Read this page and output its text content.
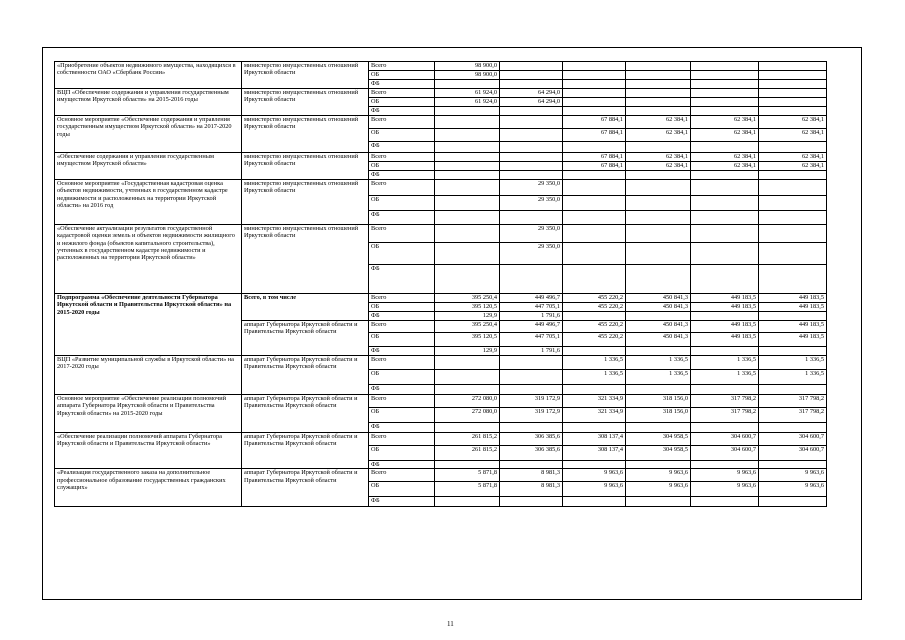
«Приобретение объектов недвижимого имущества, находящихся в собственности ОАО «Сбербанк России»	министерство имущественных отношений Иркутской области	Всего	98 900,0						
		ОБ	98 900,0						
		ФБ							
ВЦП «Обеспечение содержания и управления государственным имуществом Иркутской области» на 2015-2016 годы	министерство имущественных отношений Иркутской области	Всего	61 924,0	64 294,0					
		ОБ	61 924,0	64 294,0					
		ФБ							
Основное мероприятие «Обеспечение содержания и управления государственным имуществом Иркутской области» на 2017-2020 годы	министерство имущественных отношений Иркутской области	Всего			67 884,1	62 384,1	62 384,1	62 384,1	
		ОБ			67 884,1	62 384,1	62 384,1	62 384,1	
		ФБ							
«Обеспечение содержания и управления государственным имуществом Иркутской области»	министерство имущественных отношений Иркутской области	Всего			67 884,1	62 384,1	62 384,1	62 384,1	
		ОБ			67 884,1	62 384,1	62 384,1	62 384,1	
		ФБ							
Основное мероприятие «Государственная кадастровая оценка объектов недвижимости, учтенных в государственном кадастре недвижимости и расположенных на территории Иркутской области» на 2016 год	министерство имущественных отношений Иркутской области	Всего		29 350,0					
		ОБ		29 350,0					
		ФБ							
«Обеспечение актуализации результатов государственной кадастровой оценки земель и объектов недвижимости жилищного и нежилого фонда (объектов капитального строительства), учтенных в государственном кадастре недвижимости и расположенных на территории Иркутской области»	министерство имущественных отношений Иркутской области	Всего		29 350,0					
		ОБ		29 350,0					
		ФБ							
Подпрограмма «Обеспечение деятельности Губернатора Иркутской области и Правительства Иркутской области» на 2015-2020 годы	Всего, в том числе	Всего	395 250,4	449 496,7	455 220,2	450 841,3	449 183,5	449 183,5	
		ОБ	395 120,5	447 705,1	455 220,2	450 841,3	449 183,5	449 183,5	
		ФБ	129,9	1 791,6					
	аппарат Губернатора Иркутской области и Правительства Иркутской области	Всего	395 250,4	449 496,7	455 220,2	450 841,3	449 183,5	449 183,5	
		ОБ	395 120,5	447 705,1	455 220,2	450 841,3	449 183,5	449 183,5	
		ФБ	129,9	1 791,6					
ВЦП «Развитие муниципальной службы в Иркутской области» на 2017-2020 годы	аппарат Губернатора Иркутской области и Правительства Иркутской области	Всего			1 336,5	1 336,5	1 336,5	1 336,5	
		ОБ			1 336,5	1 336,5	1 336,5	1 336,5	
		ФБ							
Основное мероприятие «Обеспечение реализации полномочий аппарата Губернатора Иркутской области и Правительства Иркутской области» на 2015-2020 годы	аппарат Губернатора Иркутской области и Правительства Иркутской области	Всего	272 080,0	319 172,9	321 334,9	318 156,0	317 798,2	317 798,2	
		ОБ	272 080,0	319 172,9	321 334,9	318 156,0	317 798,2	317 798,2	
		ФБ							
«Обеспечение реализации полномочий аппарата Губернатора Иркутской области и Правительства Иркутской области»	аппарат Губернатора Иркутской области и Правительства Иркутской области	Всего	261 815,2	306 385,6	308 137,4	304 958,5	304 600,7	304 600,7	
		ОБ	261 815,2	306 385,6	308 137,4	304 958,5	304 600,7	304 600,7	
		ФБ							
«Реализация государственного заказа на дополнительное профессиональное образование государственных гражданских служащих»	аппарат Губернатора Иркутской области и Правительства Иркутской области	Всего	5 871,8	8 981,3	9 963,6	9 963,6	9 963,6	9 963,6	
		ОБ	5 871,8	8 981,3	9 963,6	9 963,6	9 963,6	9 963,6	
		ФБ							
11
